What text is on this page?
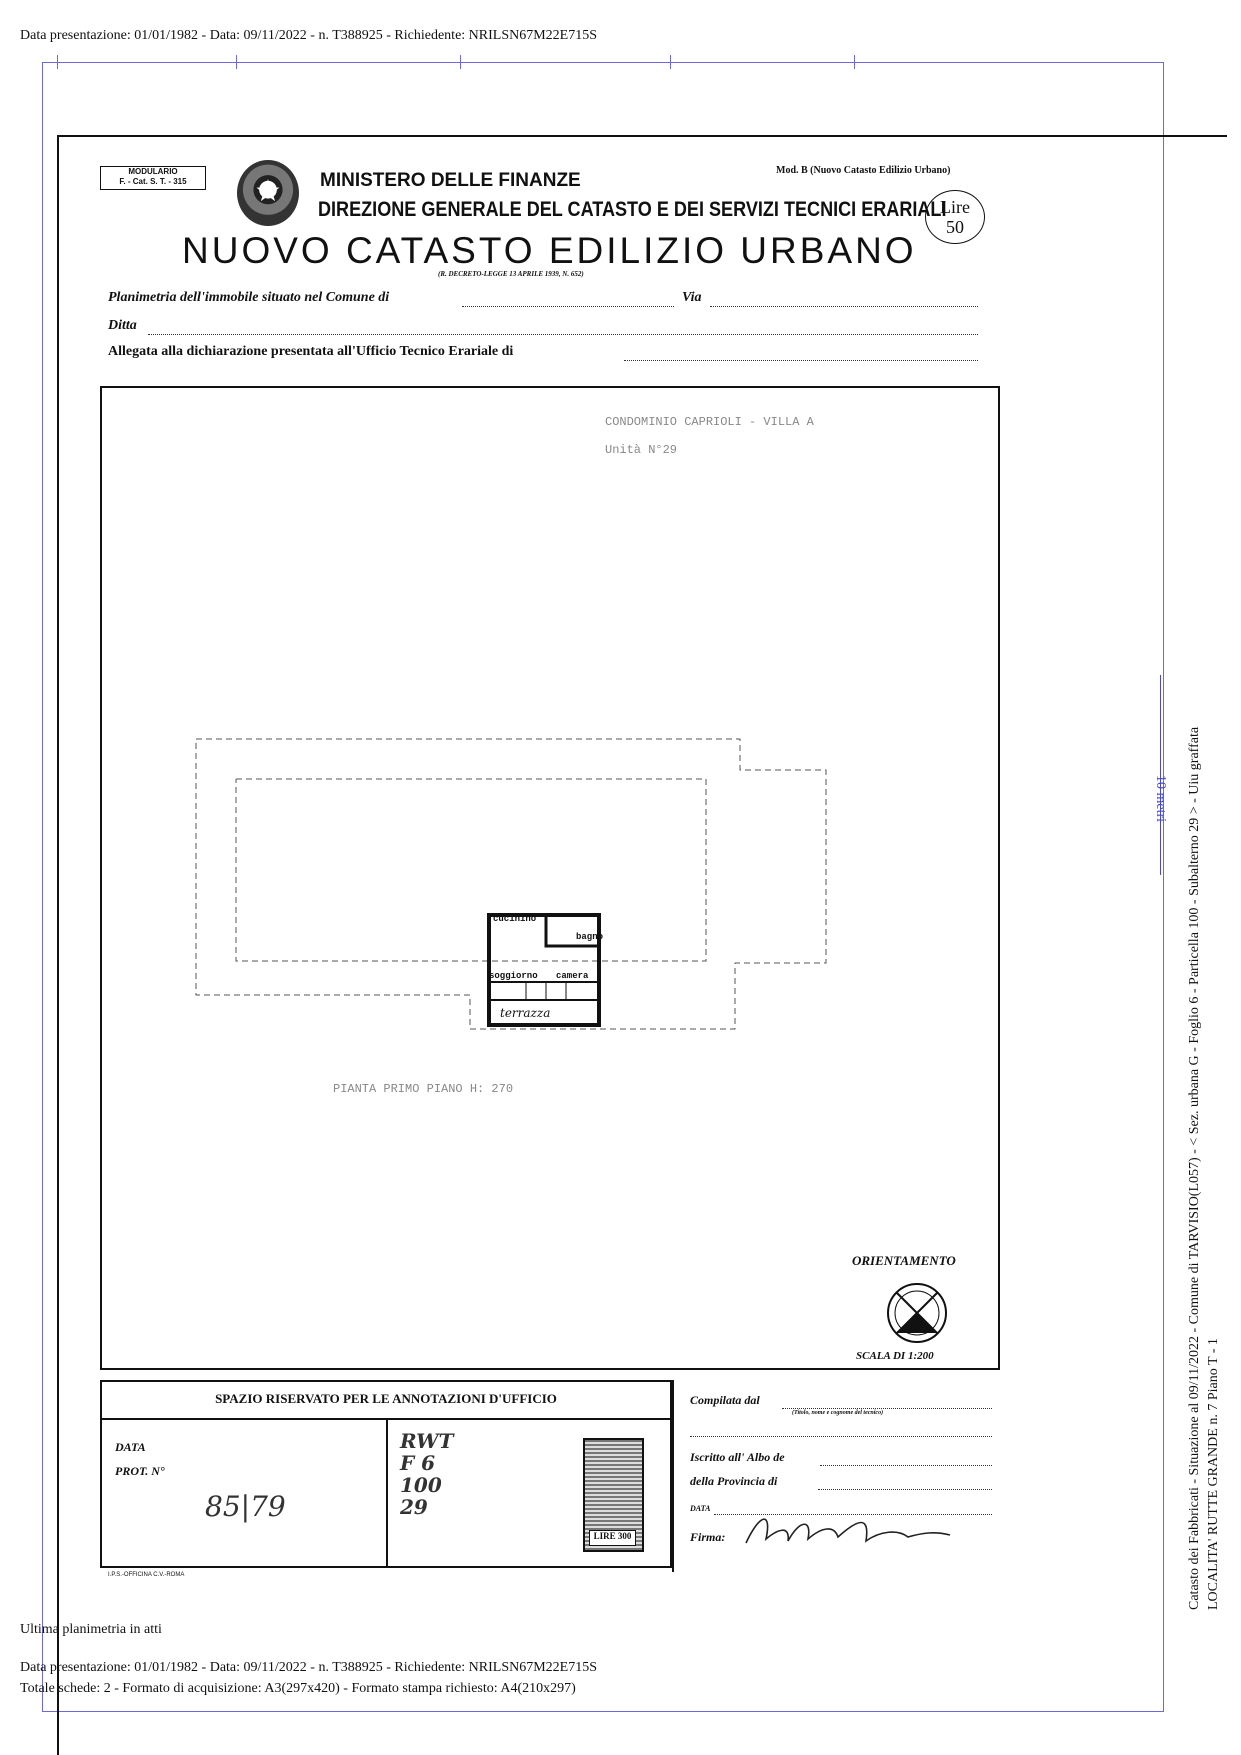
Data presentazione: 01/01/1982 - Data: 09/11/2022 - n. T388925 - Richiedente: NRILSN67M22E715S
10 metri
MODULARIO
F. - Cat. S. T. - 315	★ MINISTERO DELLE FINANZE
DIREZIONE GENERALE DEL CATASTO E DEI SERVIZI TECNICI ERARIALI
Mod. B (Nuovo Catasto Edilizio Urbano)
Lire
50
NUOVO CATASTO EDILIZIO URBANO
(R. DECRETO-LEGGE 13 APRILE 1939, N. 652)
Planimetria dell'immobile situato nel Comune di	Via
Ditta
Allegata alla dichiarazione presentata all'Ufficio Tecnico Erariale di
CONDOMINIO CAPRIOLI - VILLA A
Unità N°29
cucinino
bagno
soggiorno camera
terrazza
PIANTA PRIMO PIANO H: 270
ORIENTAMENTO
SCALA DI 1:200
SPAZIO RISERVATO PER LE ANNOTAZIONI D'UFFICIO
DATA
PROT. N°
85|79
RWT
F 6
100
29
I.P.S.-OFFICINA C.V.-ROMA
LIRE 300
Compilata dal
(Titolo, nome e cognome del tecnico)
Iscritto all' Albo de
della Provincia di
DATA
Firma:
Ultima planimetria in atti
Data presentazione: 01/01/1982 - Data: 09/11/2022 - n. T388925 - Richiedente: NRILSN67M22E715S
Totale schede: 2 - Formato di acquisizione: A3(297x420) - Formato stampa richiesto: A4(210x297)
Catasto dei Fabbricati - Situazione al 09/11/2022 - Comune di TARVISIO(L057) - < Sez. urbana G - Foglio 6 - Particella 100 - Subalterno 29 > - Uiu graffata LOCALITA' RUTTE GRANDE n. 7 Piano T - 1
